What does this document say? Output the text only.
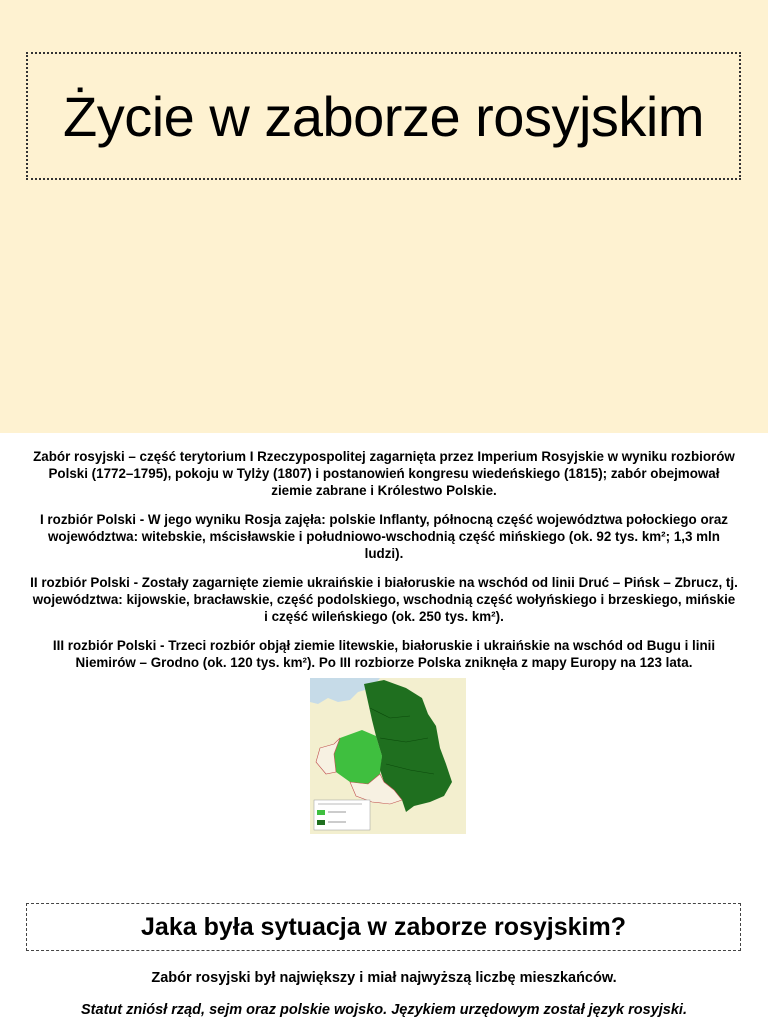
Życie w zaborze rosyjskim

Zabór rosyjski – część terytorium I Rzeczypospolitej zagarnięta przez Imperium Rosyjskie w wyniku rozbiorów Polski (1772–1795), pokoju w Tylży (1807) i postanowień kongresu wiedeńskiego (1815); zabór obejmował ziemie zabrane i Królestwo Polskie.

I rozbiór Polski - W jego wyniku Rosja zajęła: polskie Inflanty, północną część województwa połockiego oraz województwa: witebskie, mścisławskie i południowo-wschodnią część mińskiego (ok. 92 tys. km²; 1,3 mln ludzi).

II rozbiór Polski - Zostały zagarnięte ziemie ukraińskie i białoruskie na wschód od linii Druć – Pińsk – Zbrucz, tj. województwa: kijowskie, bracławskie, część podolskiego, wschodnią część wołyńskiego i brzeskiego, mińskie i część wileńskiego (ok. 250 tys. km²).

III rozbiór Polski - Trzeci rozbiór objął ziemie litewskie, białoruskie i ukraińskie na wschód od Bugu i linii Niemirów – Grodno (ok. 120 tys. km²). Po III rozbiorze Polska zniknęła z mapy Europy na 123 lata.

Jaka była sytuacja w zaborze rosyjskim?
Zabór rosyjski był największy i miał najwyższą liczbę mieszkańców.
Statut zniósł rząd, sejm oraz polskie wojsko. Językiem urzędowym został język rosyjski.
